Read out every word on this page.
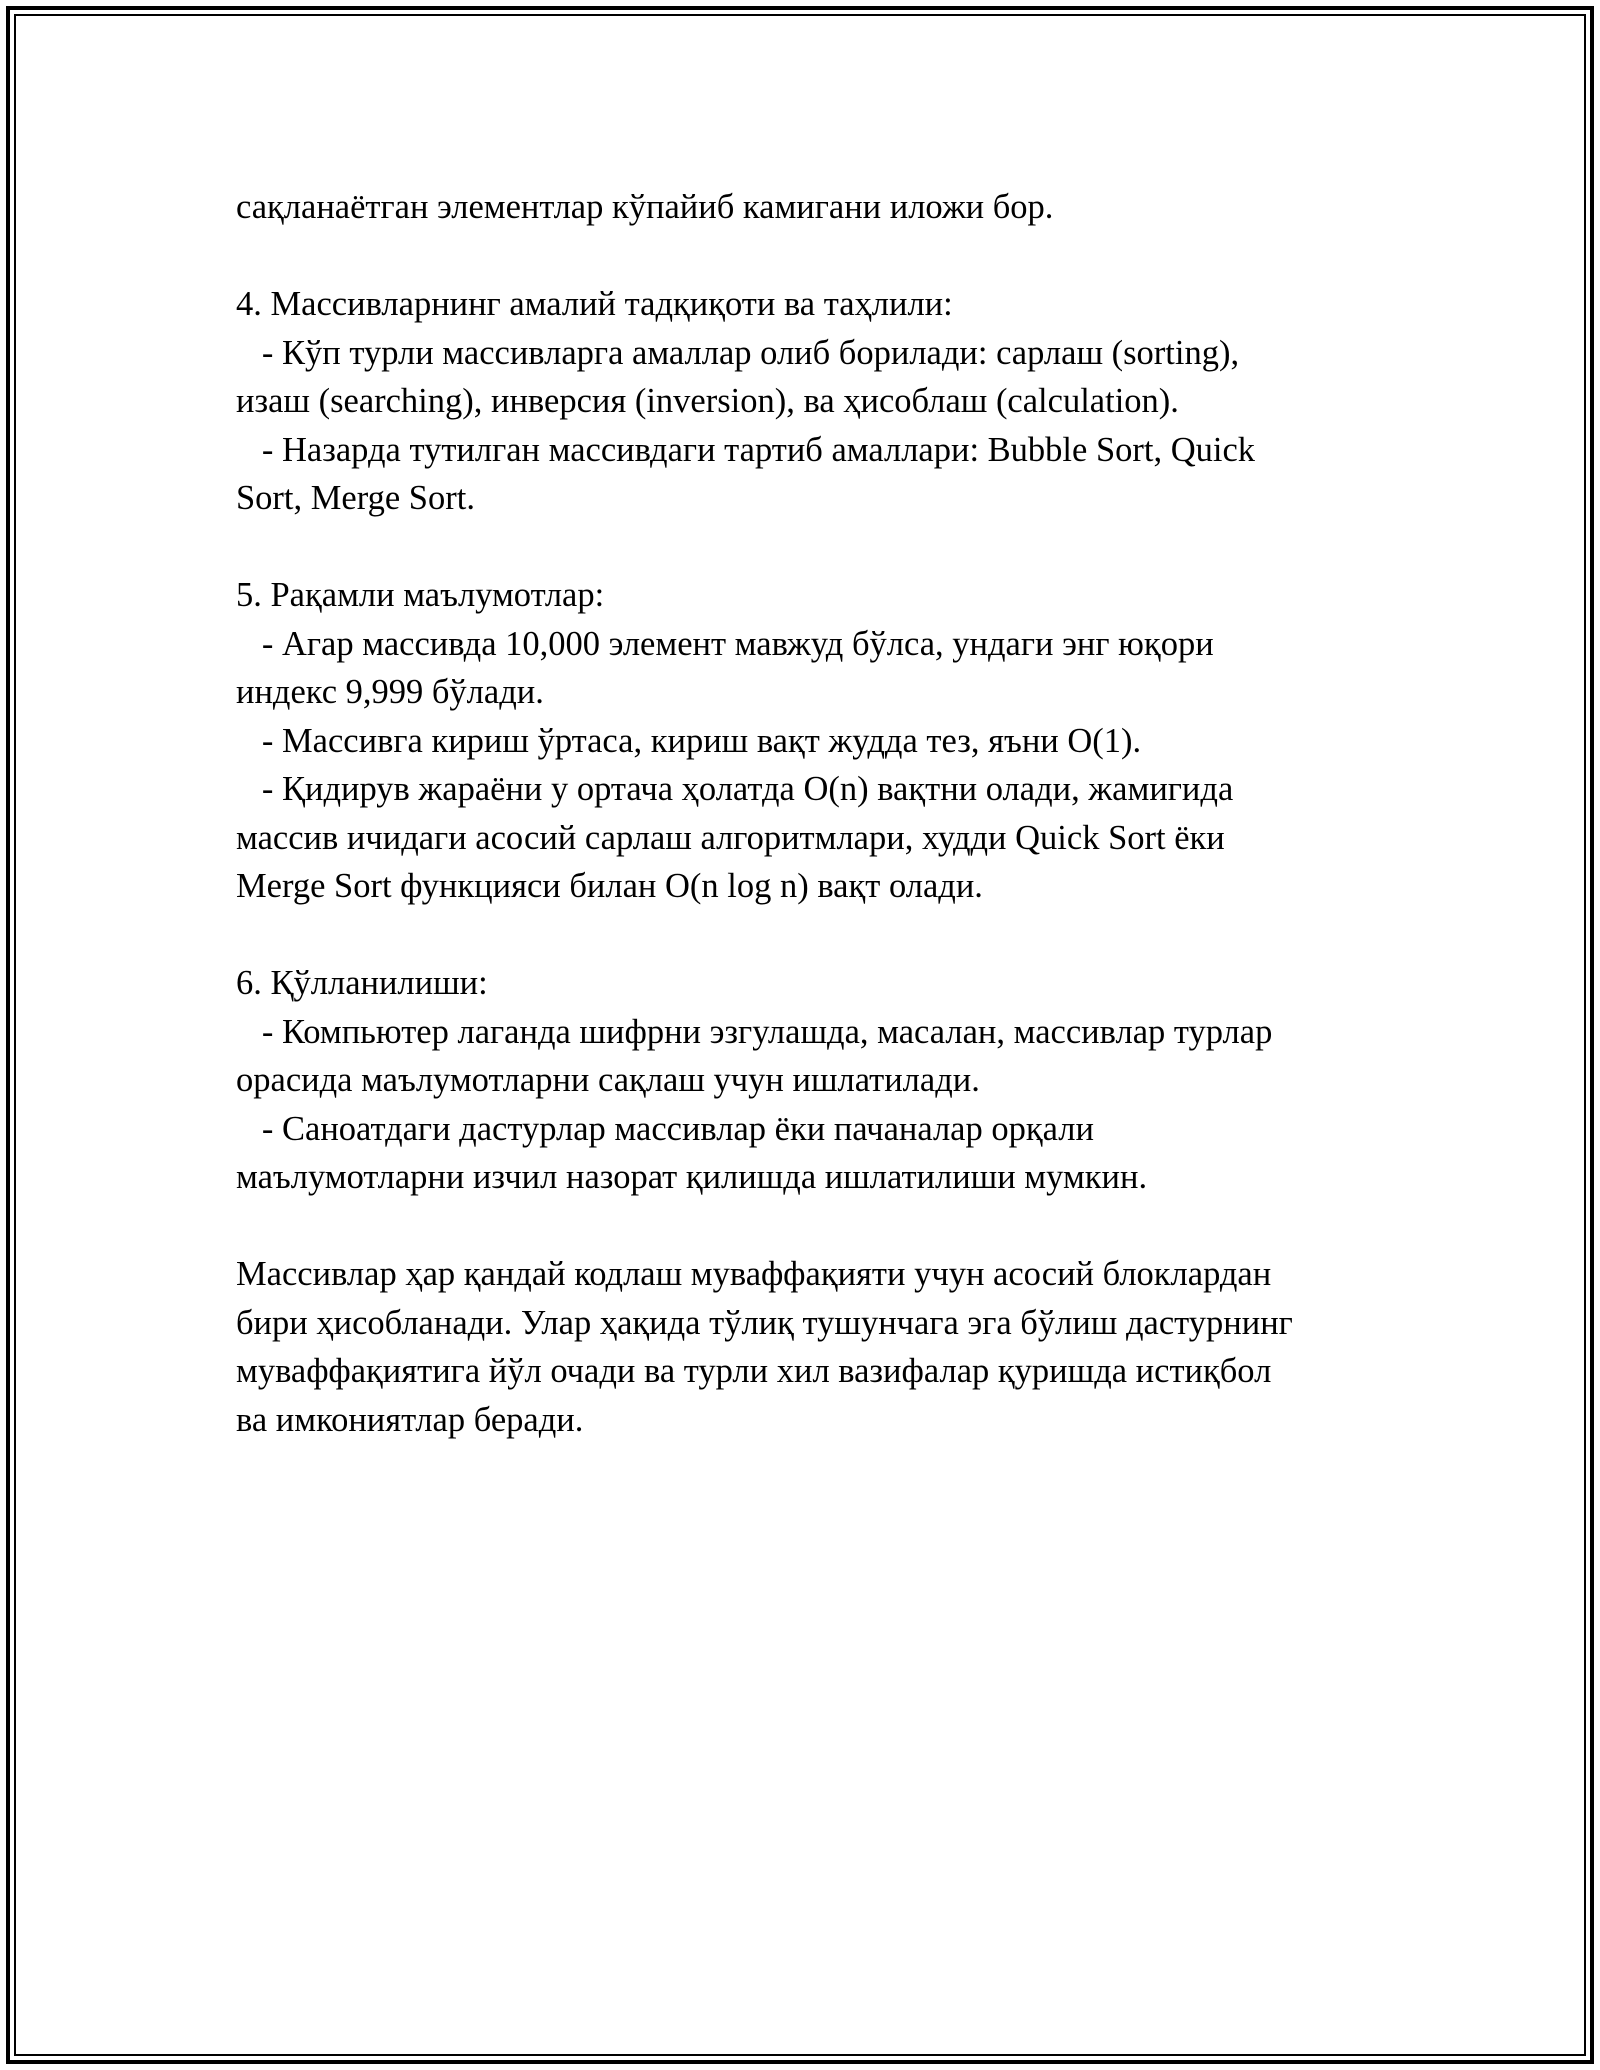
сақланаётган элементлар кўпайиб камигани иложи бор.
4. Массивларнинг амалий тадқиқоти ва таҳлили:
- Кўп турли массивларга амаллар олиб борилади: сарлаш (sorting),
изаш (searching), инверсия (inversion), ва ҳисоблаш (calculation).
- Назарда тутилган массивдаги тартиб амаллари: Bubble Sort, Quick
Sort, Merge Sort.
5. Рақамли маълумотлар:
- Агар массивда 10,000 элемент мавжуд бўлса, ундаги энг юқори
индекс 9,999 бўлади.
- Массивга кириш ўртаса, кириш вақт жудда тез, яъни O(1).
- Қидирув жараёни у ортача ҳолатда O(n) вақтни олади, жамигида
массив ичидаги асосий сарлаш алгоритмлари, худди Quick Sort ёки
Merge Sort функцияси билан O(n log n) вақт олади.
6. Қўлланилиши:
- Компьютер лаганда шифрни эзгулашда, масалан, массивлар турлар
орасида маълумотларни сақлаш учун ишлатилади.
- Саноатдаги дастурлар массивлар ёки пачаналар орқали
маълумотларни изчил назорат қилишда ишлатилиши мумкин.
Массивлар ҳар қандай кодлаш муваффақияти учун асосий блоклардан
бири ҳисобланади. Улар ҳақида тўлиқ тушунчага эга бўлиш дастурнинг
муваффақиятига йўл очади ва турли хил вазифалар қуришда истиқбол
ва имкониятлар беради.
